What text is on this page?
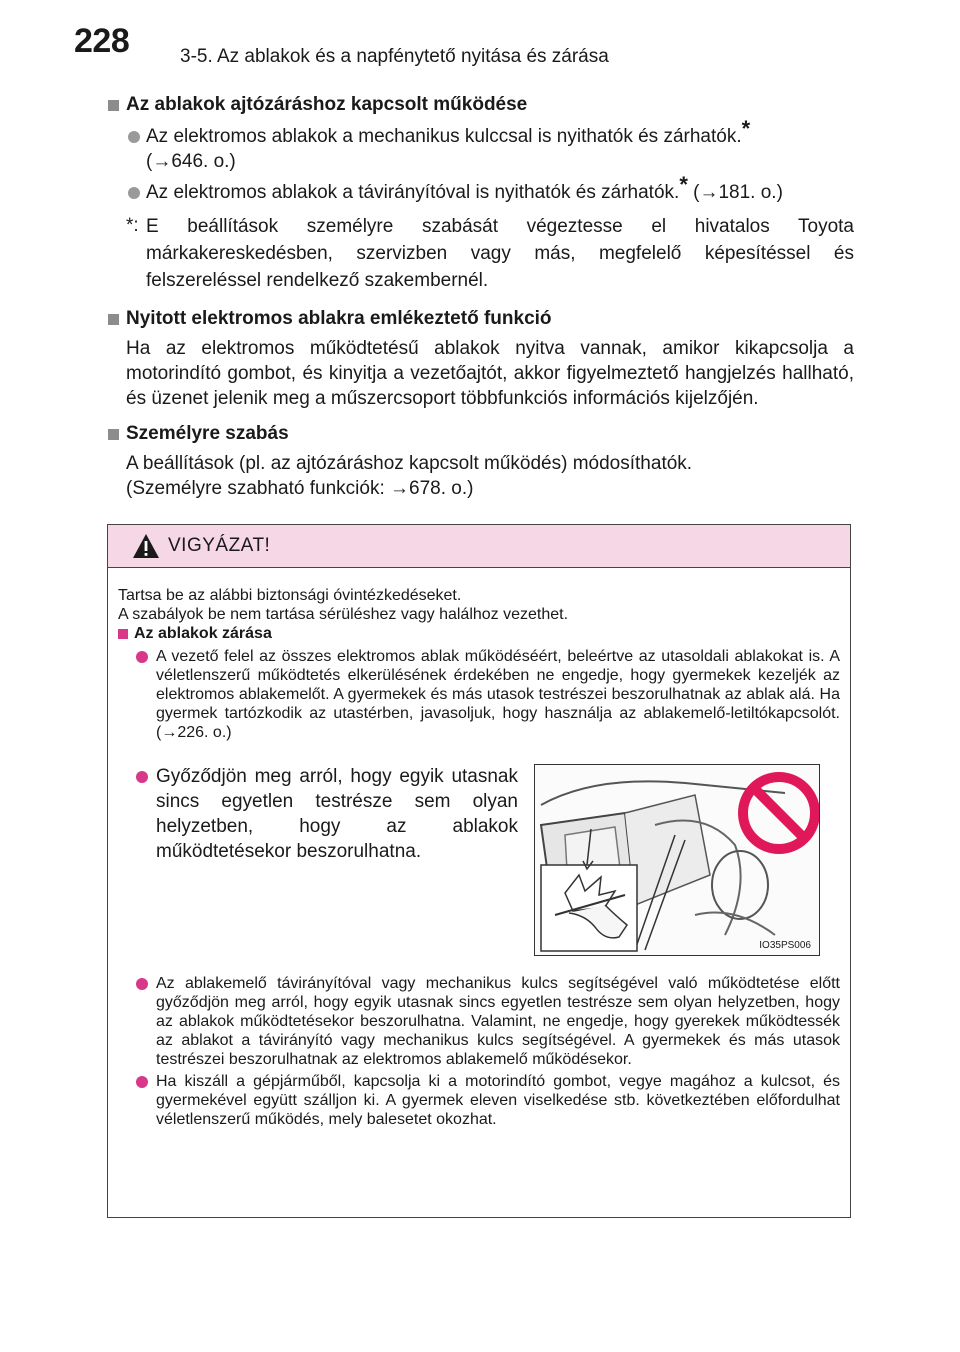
228	3-5. Az ablakok és a napfénytető nyitása és zárása
Az ablakok ajtózáráshoz kapcsolt működése
Az elektromos ablakok a mechanikus kulccsal is nyithatók és zárhatók.*
(→646. o.)
Az elektromos ablakok a távirányítóval is nyithatók és zárhatók.* (→181. o.)
*: E beállítások személyre szabását végeztesse el hivatalos Toyota márkakereskedésben, szervizben vagy más, megfelelő képesítéssel és felszereléssel rendelkező szakembernél.
Nyitott elektromos ablakra emlékeztető funkció
Ha az elektromos működtetésű ablakok nyitva vannak, amikor kikapcsolja a motorindító gombot, és kinyitja a vezetőajtót, akkor figyelmeztető hangjelzés hallható, és üzenet jelenik meg a műszercsoport többfunkciós információs kijelzőjén.
Személyre szabás
A beállítások (pl. az ajtózáráshoz kapcsolt működés) módosíthatók.
(Személyre szabható funkciók: →678. o.)
VIGYÁZAT!
Tartsa be az alábbi biztonsági óvintézkedéseket.
A szabályok be nem tartása sérüléshez vagy halálhoz vezethet.
Az ablakok zárása
A vezető felel az összes elektromos ablak működéséért, beleértve az utasoldali ablakokat is. A véletlenszerű működtetés elkerülésének érdekében ne engedje, hogy gyermekek kezeljék az elektromos ablakemelőt. A gyermekek és más utasok testrészei beszorulhatnak az ablak alá. Ha gyermek tartózkodik az utastérben, javasoljuk, hogy használja az ablakemelő-letiltókapcsolót. (→226. o.)
Győződjön meg arról, hogy egyik utasnak sincs egyetlen testrésze sem olyan helyzetben, hogy az ablakok működtetésekor beszorulhatna.
IO35PS006
Az ablakemelő távirányítóval vagy mechanikus kulcs segítségével való működtetése előtt győződjön meg arról, hogy egyik utasnak sincs egyetlen testrésze sem olyan helyzetben, hogy az ablakok működtetésekor beszorulhatna. Valamint, ne engedje, hogy gyerekek működtessék az ablakot a távirányító vagy mechanikus kulcs segítségével. A gyermekek és más utasok testrészei beszorulhatnak az elektromos ablakemelő működésekor.
Ha kiszáll a gépjárműből, kapcsolja ki a motorindító gombot, vegye magához a kulcsot, és gyermekével együtt szálljon ki. A gyermek eleven viselkedése stb. következtében előfordulhat véletlenszerű működés, mely balesetet okozhat.
